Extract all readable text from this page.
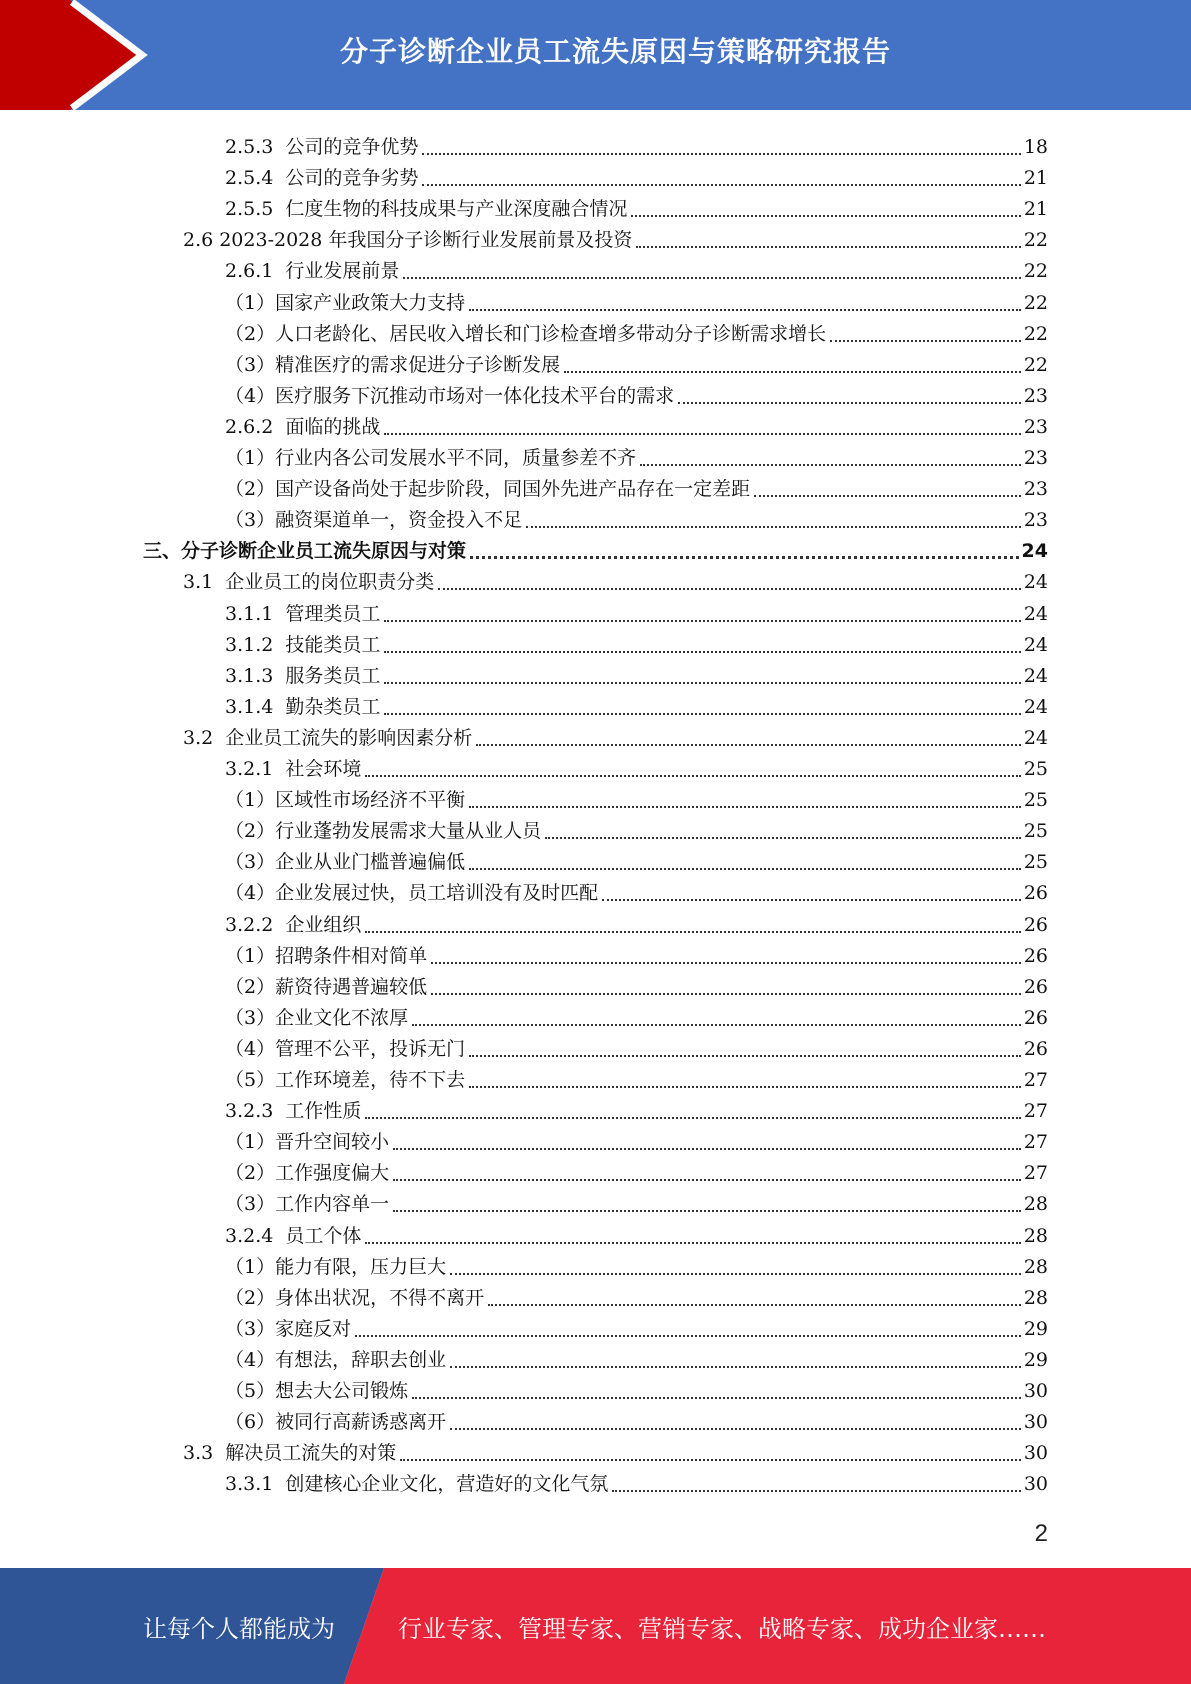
分子诊断企业员工流失原因与策略研究报告
2.5.3 公司的竞争优势	18
2.5.4 公司的竞争劣势	21
2.5.5 仁度生物的科技成果与产业深度融合情况	21
2.6 2023-2028 年我国分子诊断行业发展前景及投资	22
2.6.1 行业发展前景	22
（1） 国家产业政策大力支持	22
（2） 人口老龄化、居民收入增长和门诊检查增多带动分子诊断需求增长	22
（3） 精准医疗的需求促进分子诊断发展	22
（4） 医疗服务下沉推动市场对一体化技术平台的需求	23
2.6.2 面临的挑战	23
（1） 行业内各公司发展水平不同，质量参差不齐	23
（2） 国产设备尚处于起步阶段，同国外先进产品存在一定差距	23
（3） 融资渠道单一，资金投入不足	23
三、 分子诊断企业员工流失原因与对策	24
3.1 企业员工的岗位职责分类	24
3.1.1 管理类员工	24
3.1.2 技能类员工	24
3.1.3 服务类员工	24
3.1.4 勤杂类员工	24
3.2 企业员工流失的影响因素分析	24
3.2.1 社会环境	25
（1） 区域性市场经济不平衡	25
（2） 行业蓬勃发展需求大量从业人员	25
（3） 企业从业门槛普遍偏低	25
（4） 企业发展过快，员工培训没有及时匹配	26
3.2.2 企业组织	26
（1） 招聘条件相对简单	26
（2） 薪资待遇普遍较低	26
（3） 企业文化不浓厚	26
（4） 管理不公平，投诉无门	26
（5） 工作环境差，待不下去	27
3.2.3 工作性质	27
（1） 晋升空间较小	27
（2） 工作强度偏大	27
（3） 工作内容单一	28
3.2.4 员工个体	28
（1） 能力有限，压力巨大	28
（2） 身体出状况，不得不离开	28
（3） 家庭反对	29
（4） 有想法，辞职去创业	29
（5） 想去大公司锻炼	30
（6） 被同行高薪诱惑离开	30
3.3 解决员工流失的对策	30
3.3.1 创建核心企业文化，营造好的文化气氛	30
2
让每个人都能成为	行业专家、管理专家、营销专家、战略专家、成功企业家……
